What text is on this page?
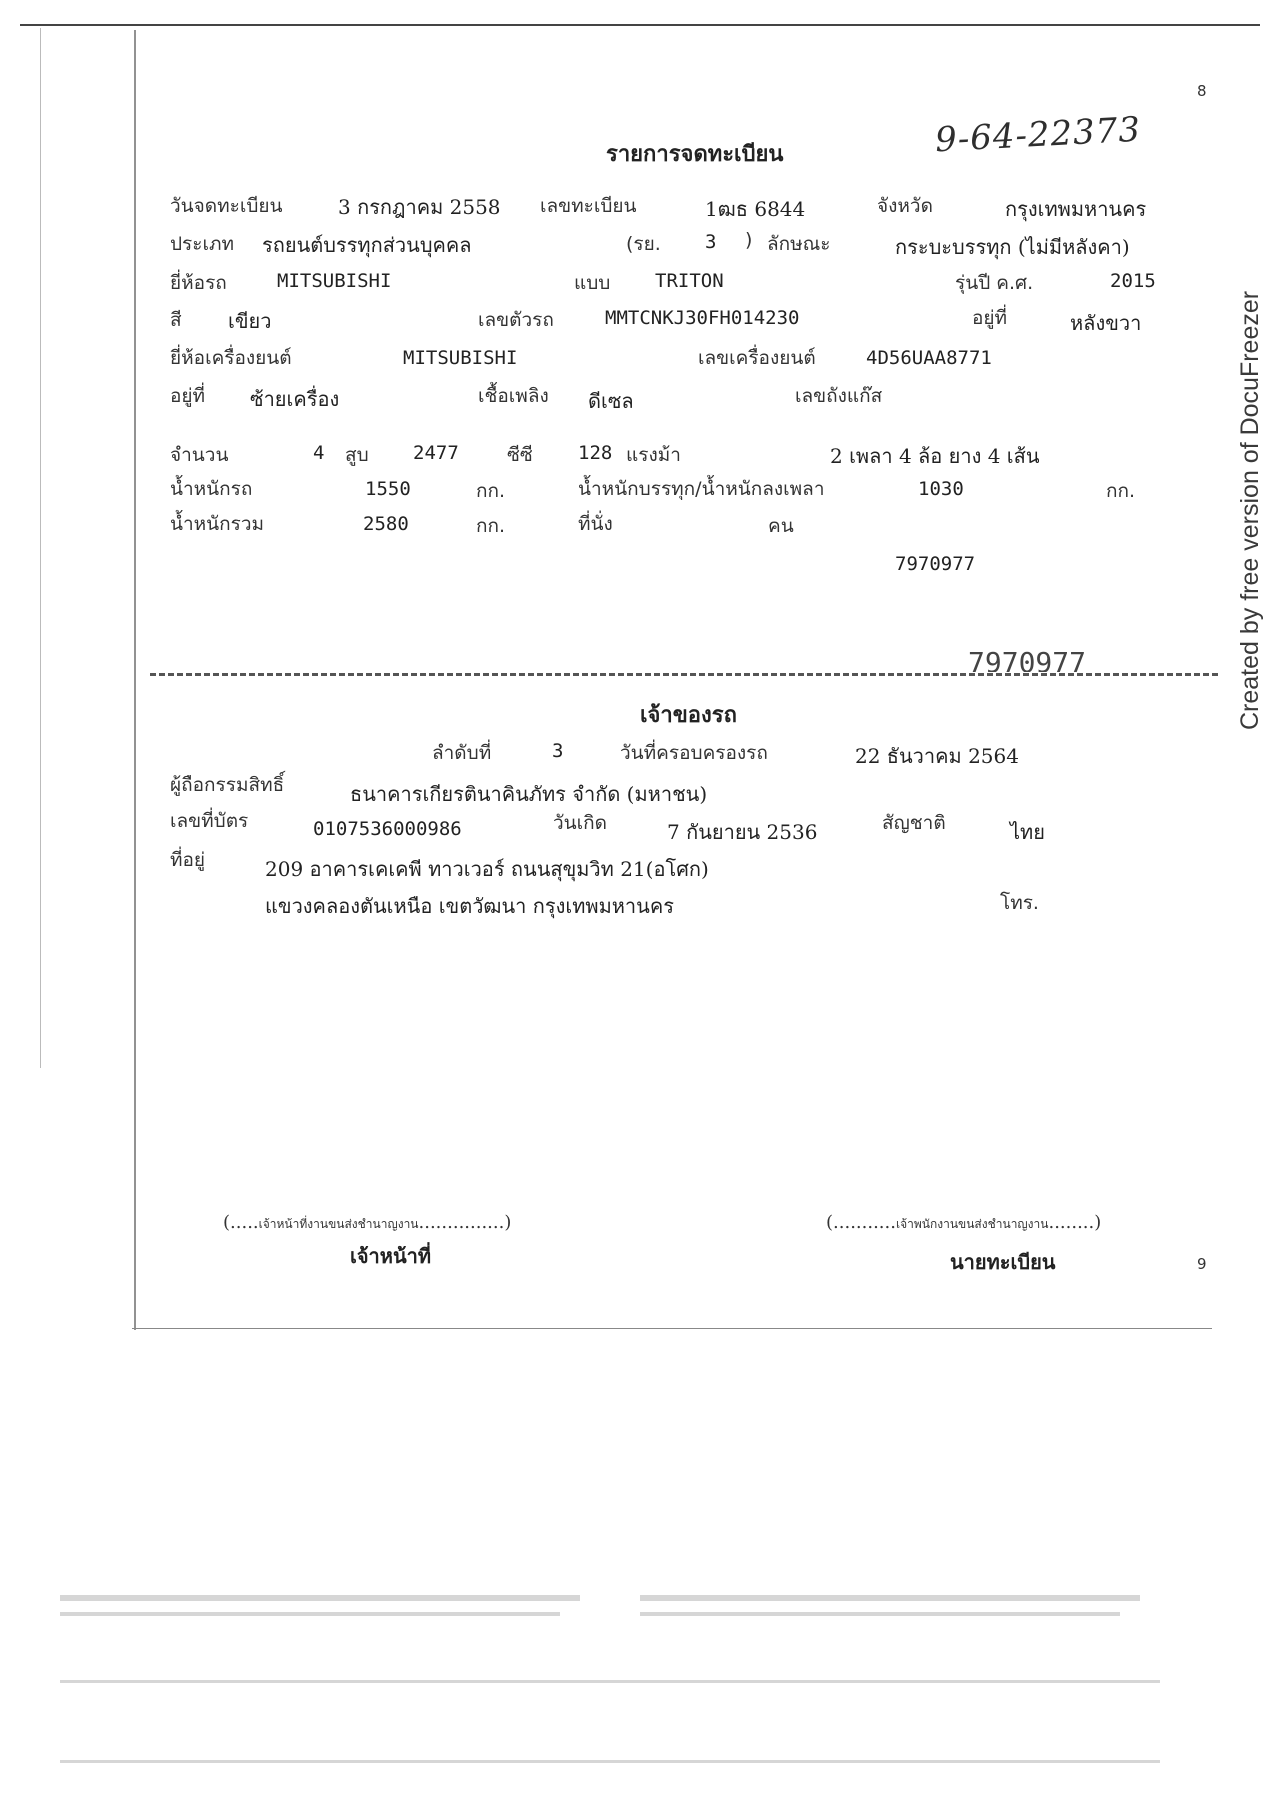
8
9
9-64-22373
Created by free version of DocuFreezer
รายการจดทะเบียน
วันจดทะเบียน	3 กรกฎาคม 2558 เลขทะเบียน	1ฒธ 6844	จังหวัด	กรุงเทพมหานคร
ประเภท รถยนต์บรรทุกส่วนบุคคล	(รย. 3 ) ลักษณะ	กระบะบรรทุก (ไม่มีหลังคา)
ยี่ห้อรถ	MITSUBISHI	แบบ TRITON	รุ่นปี ค.ศ.	2015
สี เขียว	เลขตัวรถ	MMTCNKJ30FH014230	อยู่ที่	หลังขวา
ยี่ห้อเครื่องยนต์	MITSUBISHI	เลขเครื่องยนต์	4D56UAA8771
อยู่ที่ ซ้ายเครื่อง	เชื้อเพลิง ดีเซล	เลขถังแก๊ส
จำนวน	4 สูบ 2477	ซีซี 128 แรงม้า	2 เพลา 4 ล้อ ยาง 4 เส้น
น้ำหนักรถ	1550	กก.	น้ำหนักบรรทุก/น้ำหนักลงเพลา	1030	กก.
น้ำหนักรวม	2580	กก.	ที่นั่ง	คน
7970977
7970977
เจ้าของรถ
ลำดับที่	3	วันที่ครอบครองรถ	22 ธันวาคม 2564
ผู้ถือกรรมสิทธิ์	ธนาคารเกียรตินาคินภัทร จำกัด (มหาชน)
เลขที่บัตร	0107536000986	วันเกิด	7 กันยายน 2536	สัญชาติ	ไทย
ที่อยู่	209 อาคารเคเคพี ทาวเวอร์ ถนนสุขุมวิท 21(อโศก)
แขวงคลองตันเหนือ เขตวัฒนา กรุงเทพมหานคร	โทร.
(.....เจ้าหน้าที่งานขนส่งชำนาญงาน...............)
เจ้าหน้าที่
(...........เจ้าพนักงานขนส่งชำนาญงาน........)
นายทะเบียน
